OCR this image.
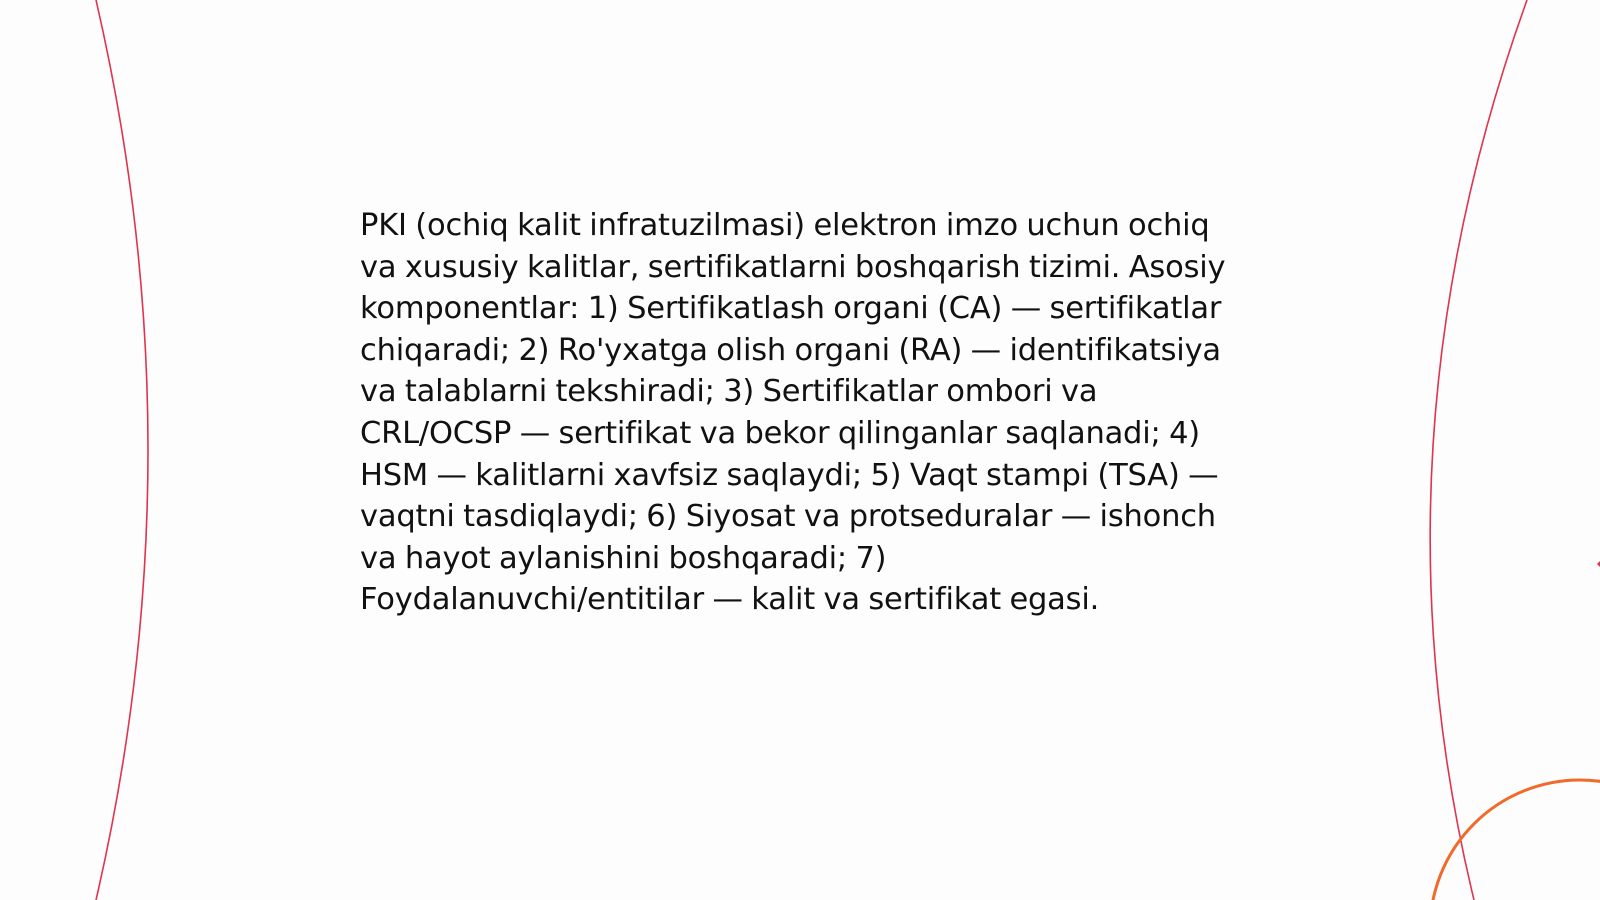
PKI (ochiq kalit infratuzilmasi) elektron imzo uchun ochiq va xususiy kalitlar, sertifikatlarni boshqarish tizimi. Asosiy komponentlar: 1) Sertifikatlash organi (CA) — sertifikatlar chiqaradi; 2) Ro'yxatga olish organi (RA) — identifikatsiya va talablarni tekshiradi; 3) Sertifikatlar ombori va CRL/OCSP — sertifikat va bekor qilinganlar saqlanadi; 4) HSM — kalitlarni xavfsiz saqlaydi; 5) Vaqt stampi (TSA) — vaqtni tasdiqlaydi; 6) Siyosat va protseduralar — ishonch va hayot aylanishini boshqaradi; 7) Foydalanuvchi/entitilar — kalit va sertifikat egasi.
